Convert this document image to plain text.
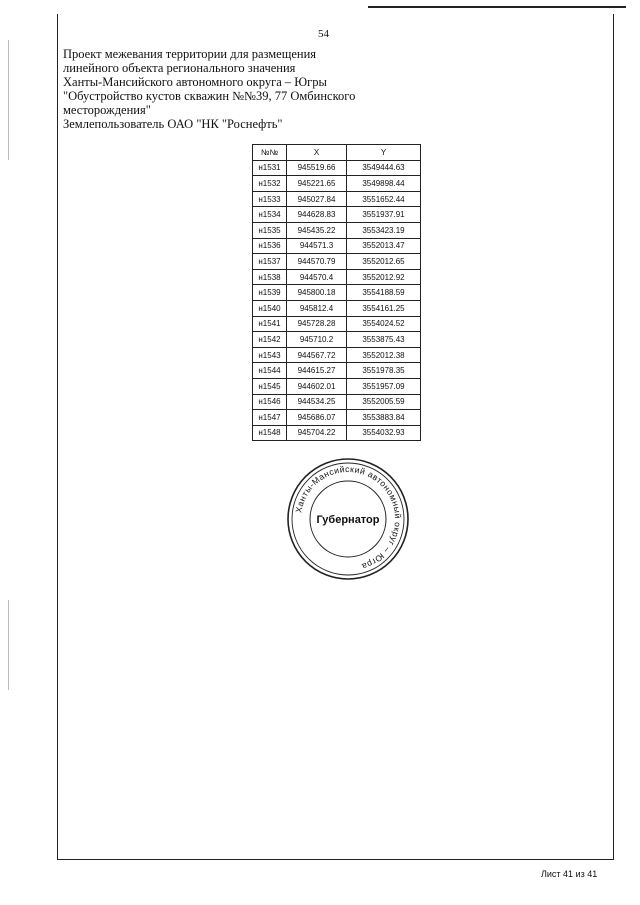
54
Проект межевания территории для размещения
линейного объекта регионального значения
Ханты-Мансийского автономного округа – Югры
"Обустройство кустов скважин №№39, 77 Омбинского
месторождения"
Землепользователь ОАО "НК "Роснефть"
№№	X	Y
н1531	945519.66	3549444.63
н1532	945221.65	3549898.44
н1533	945027.84	3551652.44
н1534	944628.83	3551937.91
н1535	945435.22	3553423.19
н1536	944571.3	3552013.47
н1537	944570.79	3552012.65
н1538	944570.4	3552012.92
н1539	945800.18	3554188.59
н1540	945812.4	3554161.25
н1541	945728.28	3554024.52
н1542	945710.2	3553875.43
н1543	944567.72	3552012.38
н1544	944615.27	3551978.35
н1545	944602.01	3551957.09
н1546	944534.25	3552005.59
н1547	945686.07	3553883.84
н1548	945704.22	3554032.93
Ханты-Мансийский автономный округ – Югра
Губернатор
Лист 41 из 41
